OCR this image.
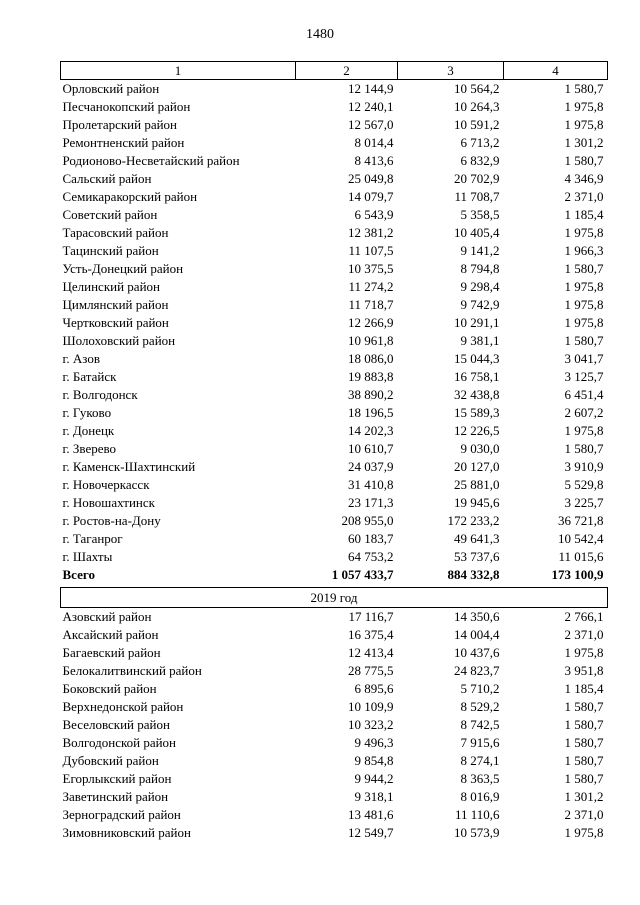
1480
1	2	3	4
Орловский район	12 144,9	10 564,2	1 580,7
Песчанокопский район	12 240,1	10 264,3	1 975,8
Пролетарский район	12 567,0	10 591,2	1 975,8
Ремонтненский район	8 014,4	6 713,2	1 301,2
Родионово-Несветайский район	8 413,6	6 832,9	1 580,7
Сальский район	25 049,8	20 702,9	4 346,9
Семикаракорский район	14 079,7	11 708,7	2 371,0
Советский район	6 543,9	5 358,5	1 185,4
Тарасовский район	12 381,2	10 405,4	1 975,8
Тацинский район	11 107,5	9 141,2	1 966,3
Усть-Донецкий район	10 375,5	8 794,8	1 580,7
Целинский район	11 274,2	9 298,4	1 975,8
Цимлянский район	11 718,7	9 742,9	1 975,8
Чертковский район	12 266,9	10 291,1	1 975,8
Шолоховский район	10 961,8	9 381,1	1 580,7
г. Азов	18 086,0	15 044,3	3 041,7
г. Батайск	19 883,8	16 758,1	3 125,7
г. Волгодонск	38 890,2	32 438,8	6 451,4
г. Гуково	18 196,5	15 589,3	2 607,2
г. Донецк	14 202,3	12 226,5	1 975,8
г. Зверево	10 610,7	9 030,0	1 580,7
г. Каменск-Шахтинский	24 037,9	20 127,0	3 910,9
г. Новочеркасск	31 410,8	25 881,0	5 529,8
г. Новошахтинск	23 171,3	19 945,6	3 225,7
г. Ростов-на-Дону	208 955,0	172 233,2	36 721,8
г. Таганрог	60 183,7	49 641,3	10 542,4
г. Шахты	64 753,2	53 737,6	11 015,6
Всего	1 057 433,7	884 332,8	173 100,9

2019 год			
Азовский район	17 116,7	14 350,6	2 766,1
Аксайский район	16 375,4	14 004,4	2 371,0
Багаевский район	12 413,4	10 437,6	1 975,8
Белокалитвинский район	28 775,5	24 823,7	3 951,8
Боковский район	6 895,6	5 710,2	1 185,4
Верхнедонской район	10 109,9	8 529,2	1 580,7
Веселовский район	10 323,2	8 742,5	1 580,7
Волгодонской район	9 496,3	7 915,6	1 580,7
Дубовский район	9 854,8	8 274,1	1 580,7
Егорлыкский район	9 944,2	8 363,5	1 580,7
Заветинский район	9 318,1	8 016,9	1 301,2
Зерноградский район	13 481,6	11 110,6	2 371,0
Зимовниковский район	12 549,7	10 573,9	1 975,8
